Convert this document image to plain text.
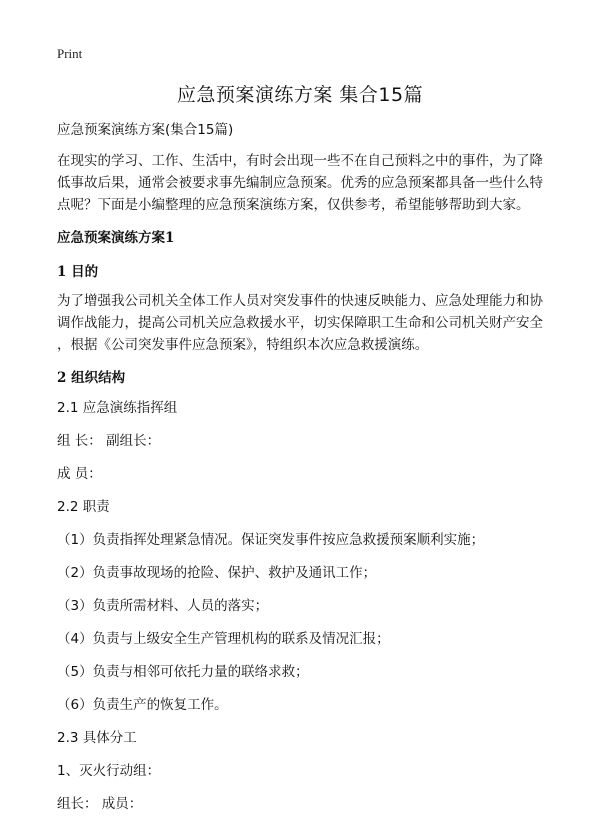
Print
应急预案演练方案 集合15篇

应急预案演练方案(集合15篇)

在现实的学习、工作、生活中，有时会出现一些不在自己预料之中的事件，为了降

低事故后果，通常会被要求事先编制应急预案。优秀的应急预案都具备一些什么特

点呢？下面是小编整理的应急预案演练方案，仅供参考，希望能够帮助到大家。

应急预案演练方案1

1 目的

为了增强我公司机关全体工作人员对突发事件的快速反映能力、应急处理能力和协

调作战能力，提高公司机关应急救援水平，切实保障职工生命和公司机关财产安全

，根据《公司突发事件应急预案》，特组织本次应急救援演练。

2 组织结构

2.1 应急演练指挥组

组 长： 副组长：

成 员：

2.2 职责

（1）负责指挥处理紧急情况。保证突发事件按应急救援预案顺利实施；

（2）负责事故现场的抢险、保护、救护及通讯工作；

（3）负责所需材料、人员的落实；

（4）负责与上级安全生产管理机构的联系及情况汇报；

（5）负责与相邻可依托力量的联络求救；

（6）负责生产的恢复工作。

2.3 具体分工

1、灭火行动组：

组长： 成员：
